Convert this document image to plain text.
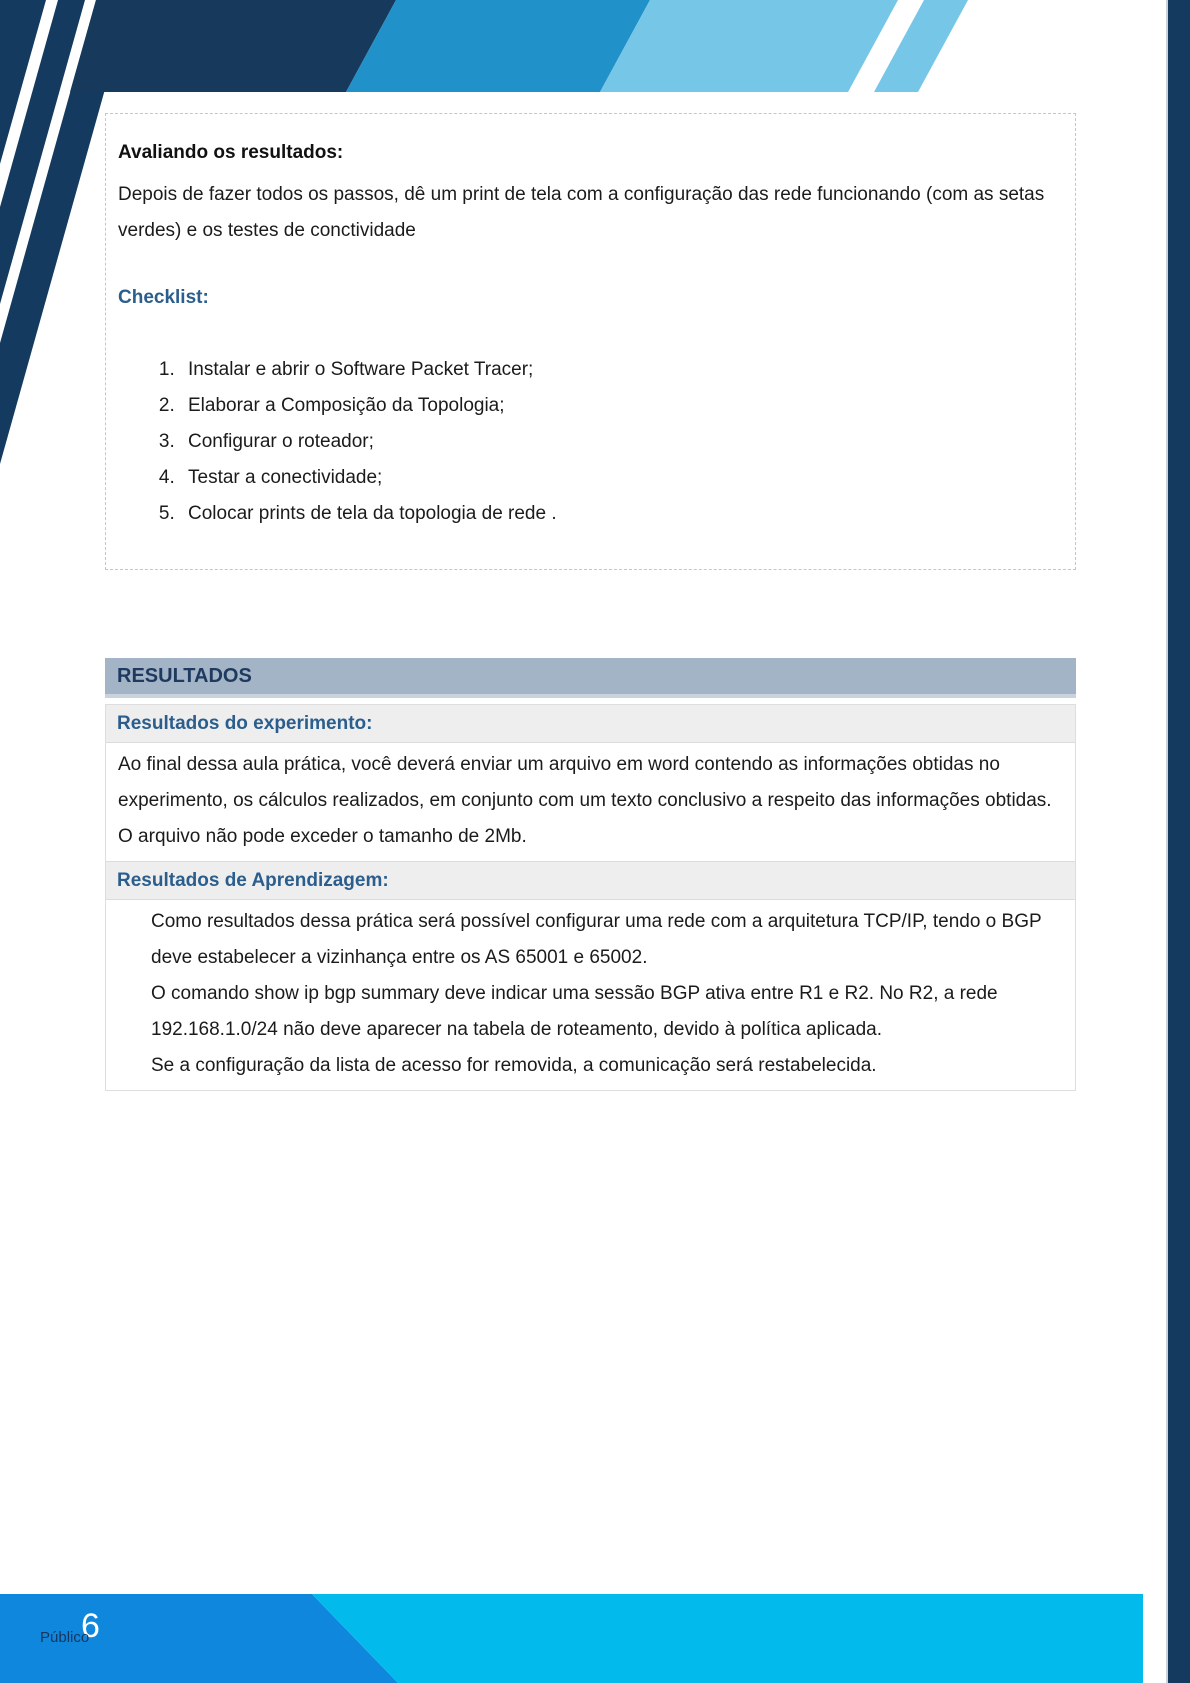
Avaliando os resultados:

Depois de fazer todos os passos, dê um print de tela com a configuração das rede funcionando (com as setas verdes) e os testes de conctividade

Checklist:
1. Instalar e abrir o Software Packet Tracer;
2. Elaborar a Composição da Topologia;
3. Configurar o roteador;
4. Testar a conectividade;
5. Colocar prints de tela da topologia de rede .
RESULTADOS
Resultados do experimento:

Ao final dessa aula prática, você deverá enviar um arquivo em word contendo as informações obtidas no experimento, os cálculos realizados, em conjunto com um texto conclusivo a respeito das informações obtidas. O arquivo não pode exceder o tamanho de 2Mb.

Resultados de Aprendizagem:

Como resultados dessa prática será possível configurar uma rede com a arquitetura TCP/IP, tendo o BGP deve estabelecer a vizinhança entre os AS 65001 e 65002.

O comando show ip bgp summary deve indicar uma sessão BGP ativa entre R1 e R2. No R2, a rede 192.168.1.0/24 não deve aparecer na tabela de roteamento, devido à política aplicada.

Se a configuração da lista de acesso for removida, a comunicação será restabelecida.

6
Público
